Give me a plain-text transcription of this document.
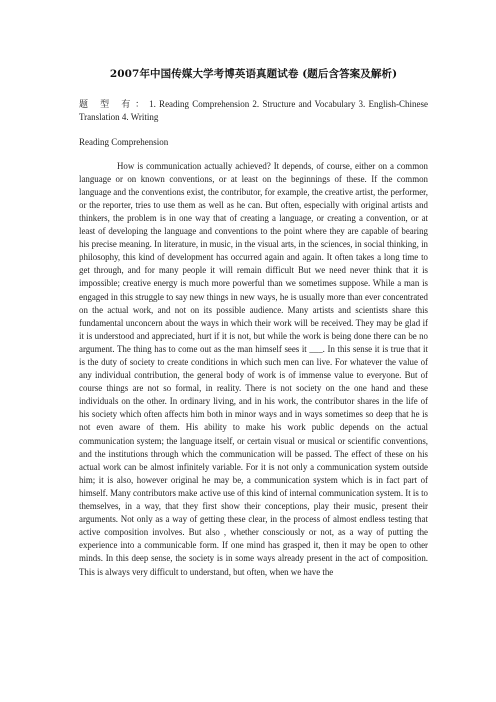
2007年中国传媒大学考博英语真题试卷 (题后含答案及解析)

题 型 有：1. Reading Comprehension 2. Structure and Vocabulary 3. English-Chinese Translation 4. Writing

Reading Comprehension

How is communication actually achieved? It depends, of course, either on a common language or on known conventions, or at least on the beginnings of these. If the common language and the conventions exist, the contributor, for example, the creative artist, the performer, or the reporter, tries to use them as well as he can. But often, especially with original artists and thinkers, the problem is in one way that of creating a language, or creating a convention, or at least of developing the language and conventions to the point where they are capable of bearing his precise meaning. In literature, in music, in the visual arts, in the sciences, in social thinking, in philosophy, this kind of development has occurred again and again. It often takes a long time to get through, and for many people it will remain difficult But we need never think that it is impossible; creative energy is much more powerful than we sometimes suppose. While a man is engaged in this struggle to say new things in new ways, he is usually more than ever concentrated on the actual work, and not on its possible audience. Many artists and scientists share this fundamental unconcern about the ways in which their work will be received. They may be glad if it is understood and appreciated, hurt if it is not, but while the work is being done there can be no argument. The thing has to come out as the man himself sees it ___. In this sense it is true that it is the duty of society to create conditions in which such men can live. For whatever the value of any individual contribution, the general body of work is of immense value to everyone. But of course things are not so formal, in reality. There is not society on the one hand and these individuals on the other. In ordinary living, and in his work, the contributor shares in the life of his society which often affects him both in minor ways and in ways sometimes so deep that he is not even aware of them. His ability to make his work public depends on the actual communication system; the language itself, or certain visual or musical or scientific conventions, and the institutions through which the communication will be passed. The effect of these on his actual work can be almost infinitely variable. For it is not only a communication system outside him; it is also, however original he may be, a communication system which is in fact part of himself. Many contributors make active use of this kind of internal communication system. It is to themselves, in a way, that they first show their conceptions, play their music, present their arguments. Not only as a way of getting these clear, in the process of almost endless testing that active composition involves. But also , whether consciously or not, as a way of putting the experience into a communicable form. If one mind has grasped it, then it may be open to other minds. In this deep sense, the society is in some ways already present in the act of composition. This is always very difficult to understand, but often, when we have the
